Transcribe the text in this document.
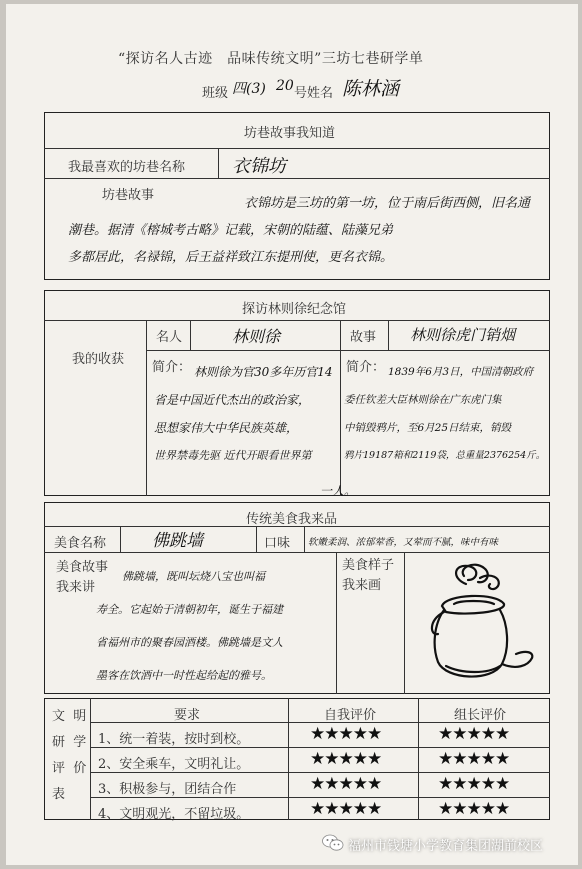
“探访名人古迹　品味传统文明”三坊七巷研学单
班级 四(3) 20 号姓名 陈林涵
坊巷故事我知道
我最喜欢的坊巷名称	衣锦坊
坊巷故事
衣锦坊是三坊的第一坊，位于南后街西侧，旧名通
潮巷。据清《榕城考古略》记载，宋朝的陆蕴、陆藻兄弟
多都居此，名禄锦，后王益祥致江东提刑使，更名衣锦。
探访林则徐纪念馆
我的收获
名人	林则徐	故事 林则徐虎门销烟
简介： 林则徐为官30多年历官14
省是中国近代杰出的政治家，
思想家伟大中华民族英雄，
世界禁毒先驱 近代开眼看世界第
一人。
简介： 1839年6月3日，中国清朝政府
委任钦差大臣林则徐在广东虎门集
中销毁鸦片，至6月25日结束，销毁
鸦片19187箱和2119袋，总重量2376254斤。
传统美食我来品
美食名称	佛跳墙	口味 软嫩柔润、浓郁荤香，又荤而不腻，味中有味
美食故事
我来讲
佛跳墙，既叫坛烧八宝也叫福
寿全。它起始于清朝初年，诞生于福建
省福州市的聚春园酒楼。佛跳墙是文人
墨客在饮酒中一时性起给起的雅号。
美食样子
我来画
文 明
研 学
评 价
表
要求	自我评价	组长评价
1、统一着装，按时到校。	★★★★★	★★★★★
2、安全乘车，文明礼让。	★★★★★	★★★★★
3、积极参与，团结合作	★★★★★	★★★★★
4、文明观光，不留垃圾。	★★★★★	★★★★★
福州市钱塘小学教育集团湖前校区
